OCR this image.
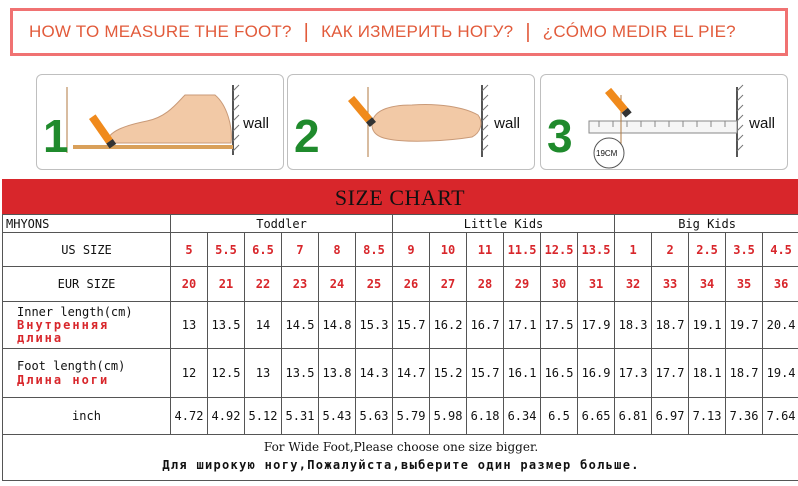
HOW TO MEASURE THE FOOT? | КАК ИЗМЕРИТЬ НОГУ? | ¿CÓMO MEDIR EL PIE?
1	wall 2	wall 3	19CM
wall
SIZE CHART
MHYONS	Toddler						Little Kids						Big Kids				
US SIZE	5	5.5	6.5	7	8	8.5	9	10	11	11.5	12.5	13.5	1	2	2.5	3.5	4.5
EUR SIZE	20	21	22	23	24	25	26	27	28	29	30	31	32	33	34	35	36

Inner length(cm)
Внутренняя длина	13	13.5	14	14.5	14.8	15.3	15.7	16.2	16.7	17.1	17.5	17.9	18.3	18.7	19.1	19.7	20.4

Foot length(cm)
Длина ноги	12	12.5	13	13.5	13.8	14.3	14.7	15.2	15.7	16.1	16.5	16.9	17.3	17.7	18.1	18.7	19.4
inch	4.72	4.92	5.12	5.31	5.43	5.63	5.79	5.98	6.18	6.34	6.5	6.65	6.81	6.97	7.13	7.36	7.64

For Wide Foot,Please choose one size bigger.
Для широкую ногу,Пожалуйста,выберите один размер больше.																	
